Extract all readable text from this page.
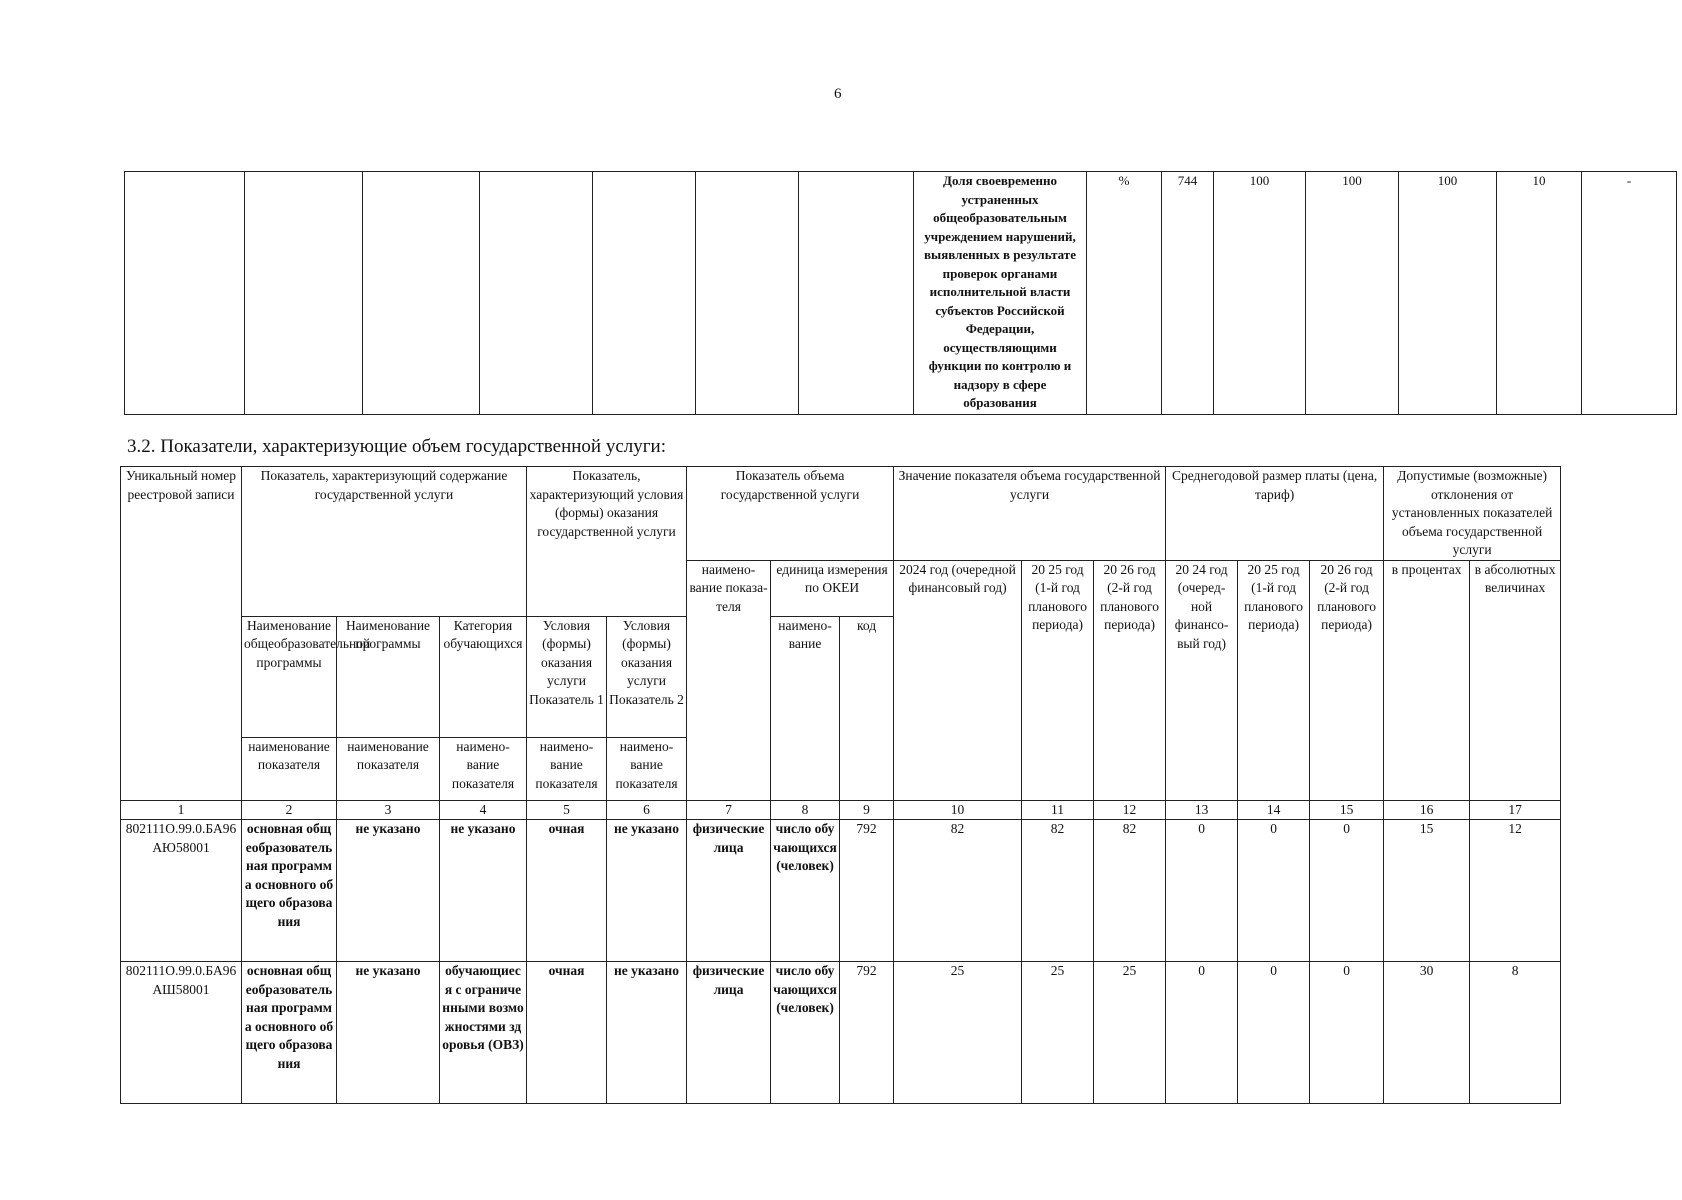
6
							Доля своевременно устраненных общеобразовательным учреждением нарушений, выявленных в результате проверок органами исполнительной власти субъектов Российской Федерации, осуществляющими функции по контролю и надзору в сфере образования	%	744	100	100	100	10	-
3.2. Показатели, характеризующие объем государственной услуги:
Уникальный номер реестровой записи	Показатель, характеризующий содержание государственной услуги			Показатель, характеризующий условия (формы) оказания государственной услуги		Показатель объема государственной услуги			Значение показателя объема государственной услуги			Среднегодовой размер платы (цена, тариф)			Допустимые (возможные) отклонения от установленных показателей объема государственной услуги	
						наимено-вание показа-теля	единица измерения по ОКЕИ		2024 год (очередной финансовый год)	20 25 год (1-й год планового периода)	20 26 год (2-й год планового периода)	20 24 год (очеред-ной финансо-вый год)	20 25 год (1-й год планового периода)	20 26 год (2-й год планового периода)	в процентах	в абсолютных величинах
	Наименование общеобразовательной программы	Наименование программы	Категория обучающихся	Условия (формы) оказания услуги Показатель 1	Условия (формы) оказания услуги Показатель 2		наимено-вание	код								
	наименование показателя	наименование показателя	наимено-вание показателя	наимено-вание показателя	наимено-вание показателя											
1	2	3	4	5	6	7	8	9	10	11	12	13	14	15	16	17
802111О.99.0.БА96АЮ58001	основная общеобразовательная программа основного общего образования	не указано	не указано	очная	не указано	физические лица	число обучающихся (человек)	792	82	82	82	0	0	0	15	12
802111О.99.0.БА96АШ58001	основная общеобразовательная программа основного общего образования	не указано	обучающиеся с ограниченными возможностями здоровья (ОВЗ)	очная	не указано	физические лица	число обучающихся (человек)	792	25	25	25	0	0	0	30	8
